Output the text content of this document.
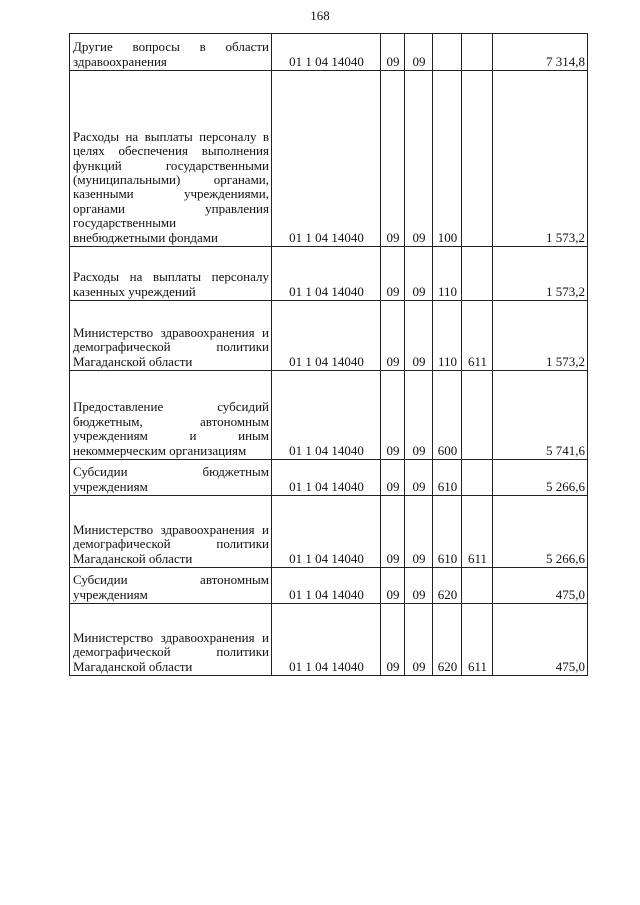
168
Другие вопросы в области здравоохранения	01 1 04 14040	09	09			7 314,8
Расходы на выплаты персоналу в целях обеспечения выполнения функций государственными (муниципальными) органами, казенными учреждениями, органами управления государственными внебюджетными фондами	01 1 04 14040	09	09	100		1 573,2
Расходы на выплаты персоналу казенных учреждений	01 1 04 14040	09	09	110		1 573,2
Министерство здравоохранения и демографической политики Магаданской области	01 1 04 14040	09	09	110	611	1 573,2
Предоставление субсидий бюджетным, автономным учреждениям и иным некоммерческим организациям	01 1 04 14040	09	09	600		5 741,6
Субсидии бюджетным учреждениям	01 1 04 14040	09	09	610		5 266,6
Министерство здравоохранения и демографической политики Магаданской области	01 1 04 14040	09	09	610	611	5 266,6
Субсидии автономным учреждениям	01 1 04 14040	09	09	620		475,0
Министерство здравоохранения и демографической политики Магаданской области	01 1 04 14040	09	09	620	611	475,0
